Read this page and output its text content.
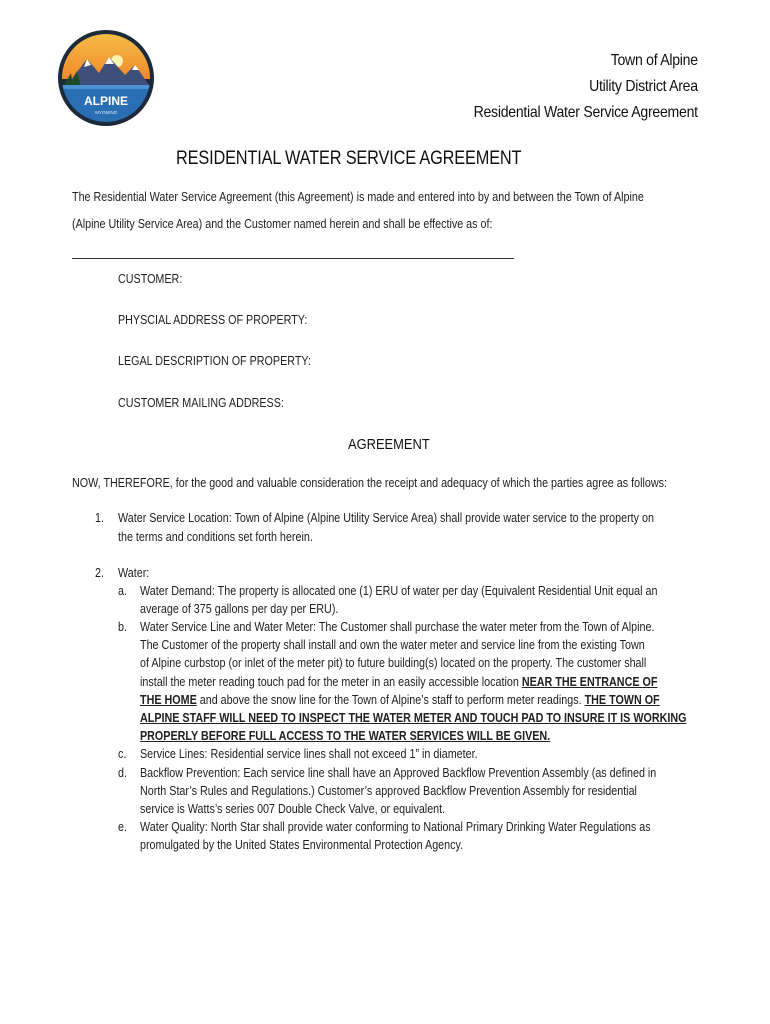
ALPINE
WYOMING
Town of Alpine
Utility District Area
Residential Water Service Agreement
RESIDENTIAL WATER SERVICE AGREEMENT
The Residential Water Service Agreement (this Agreement) is made and entered into by and between the Town of Alpine
(Alpine Utility Service Area) and the Customer named herein and shall be effective as of:
CUSTOMER:
PHYSCIAL ADDRESS OF PROPERTY:
LEGAL DESCRIPTION OF PROPERTY:
CUSTOMER MAILING ADDRESS:
AGREEMENT
NOW, THEREFORE, for the good and valuable consideration the receipt and adequacy of which the parties agree as follows:
1. Water Service Location: Town of Alpine (Alpine Utility Service Area) shall provide water service to the property on
the terms and conditions set forth herein.
2. Water:
a. Water Demand: The property is allocated one (1) ERU of water per day (Equivalent Residential Unit equal an
average of 375 gallons per day per ERU).
b. Water Service Line and Water Meter: The Customer shall purchase the water meter from the Town of Alpine.
The Customer of the property shall install and own the water meter and service line from the existing Town
of Alpine curbstop (or inlet of the meter pit) to future building(s) located on the property. The customer shall
install the meter reading touch pad for the meter in an easily accessible location NEAR THE ENTRANCE OF
THE HOME and above the snow line for the Town of Alpine’s staff to perform meter readings. THE TOWN OF
ALPINE STAFF WILL NEED TO INSPECT THE WATER METER AND TOUCH PAD TO INSURE IT IS WORKING
PROPERLY BEFORE FULL ACCESS TO THE WATER SERVICES WILL BE GIVEN.
c. Service Lines: Residential service lines shall not exceed 1” in diameter.
d. Backflow Prevention: Each service line shall have an Approved Backflow Prevention Assembly (as defined in
North Star’s Rules and Regulations.) Customer’s approved Backflow Prevention Assembly for residential
service is Watts’s series 007 Double Check Valve, or equivalent.
e. Water Quality: North Star shall provide water conforming to National Primary Drinking Water Regulations as
promulgated by the United States Environmental Protection Agency.
